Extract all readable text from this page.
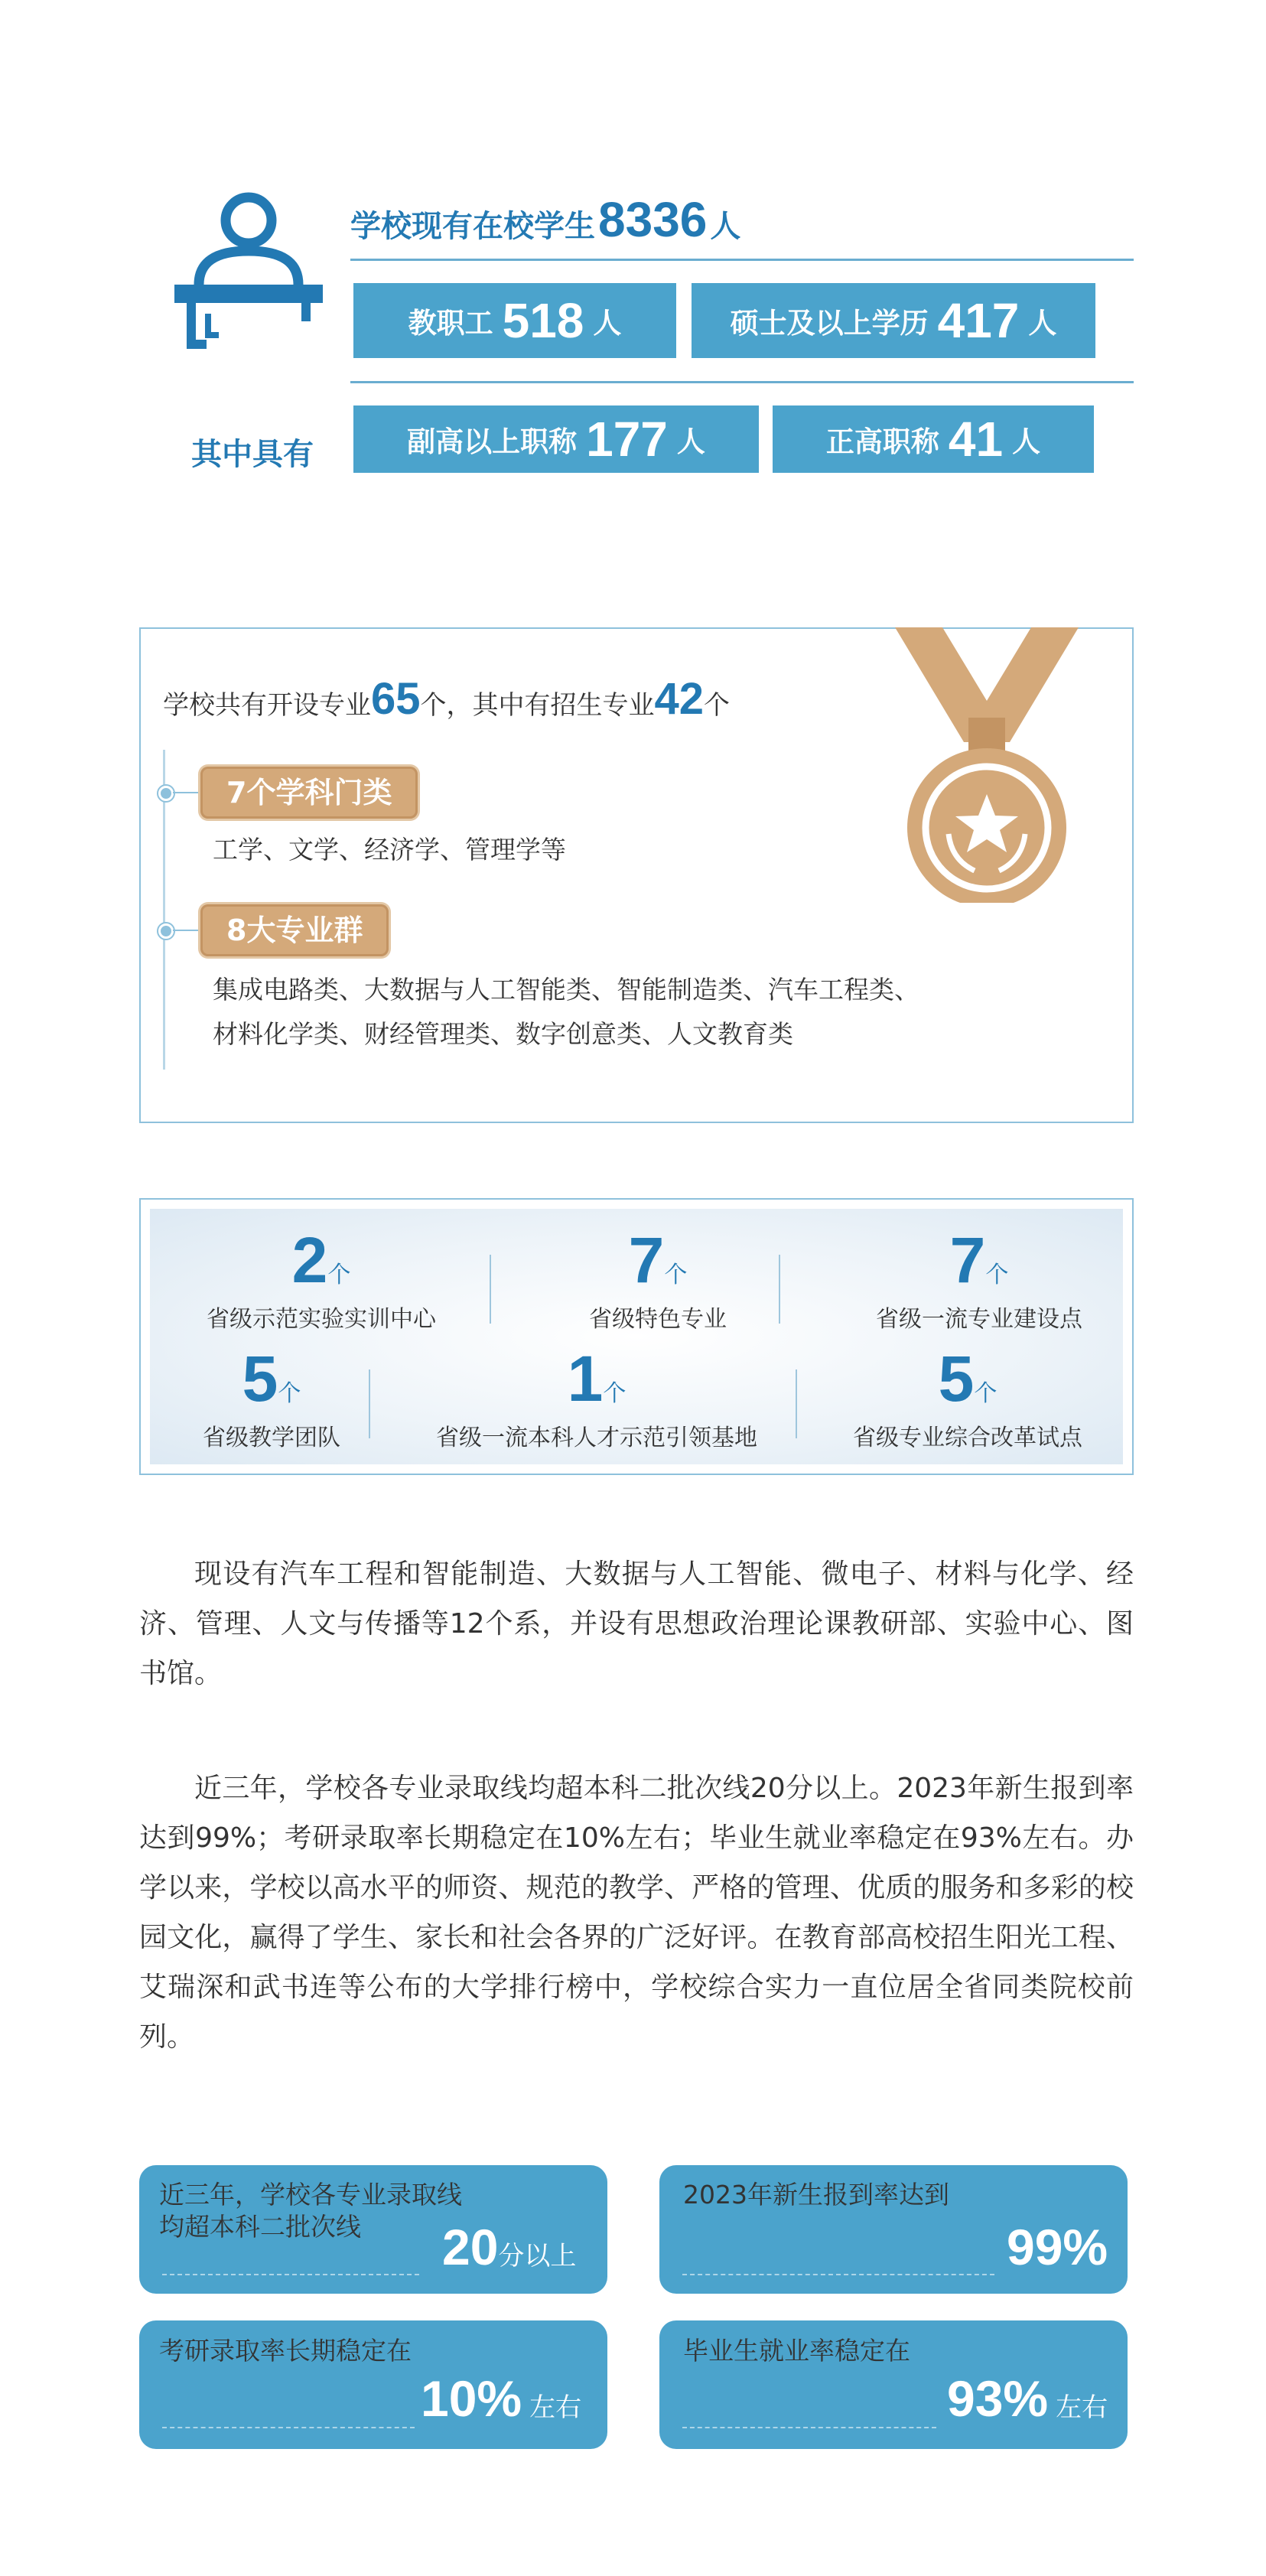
学校现有在校学生8336 人
教职工 518 人	硕士及以上学历 417 人
其中具有	副高以上职称 177 人	正高职称 41 人
学校共有开设专业65个，其中有招生专业42个
7个学科门类
工学、文学、经济学、管理学等
8大专业群
集成电路类、大数据与人工智能类、智能制造类、汽车工程类、
材料化学类、财经管理类、数字创意类、人文教育类
2个
省级示范实验实训中心
7个
省级特色专业
7个
省级一流专业建设点
5个
省级教学团队
1个
省级一流本科人才示范引领基地
5个
省级专业综合改革试点
现设有汽车工程和智能制造、大数据与人工智能、微电子、材料与化学、经济、管理、人文与传播等12个系，并设有思想政治理论课教研部、实验中心、图书馆。
近三年，学校各专业录取线均超本科二批次线20分以上。2023年新生报到率达到99%；考研录取率长期稳定在10%左右；毕业生就业率稳定在93%左右。办学以来，学校以高水平的师资、规范的教学、严格的管理、优质的服务和多彩的校园文化，赢得了学生、家长和社会各界的广泛好评。在教育部高校招生阳光工程、艾瑞深和武书连等公布的大学排行榜中，学校综合实力一直位居全省同类院校前列。
近三年，学校各专业录取线
均超本科二批次线	20分以上
2023年新生报到率达到
99%
考研录取率长期稳定在
10% 左右
毕业生就业率稳定在
93% 左右
